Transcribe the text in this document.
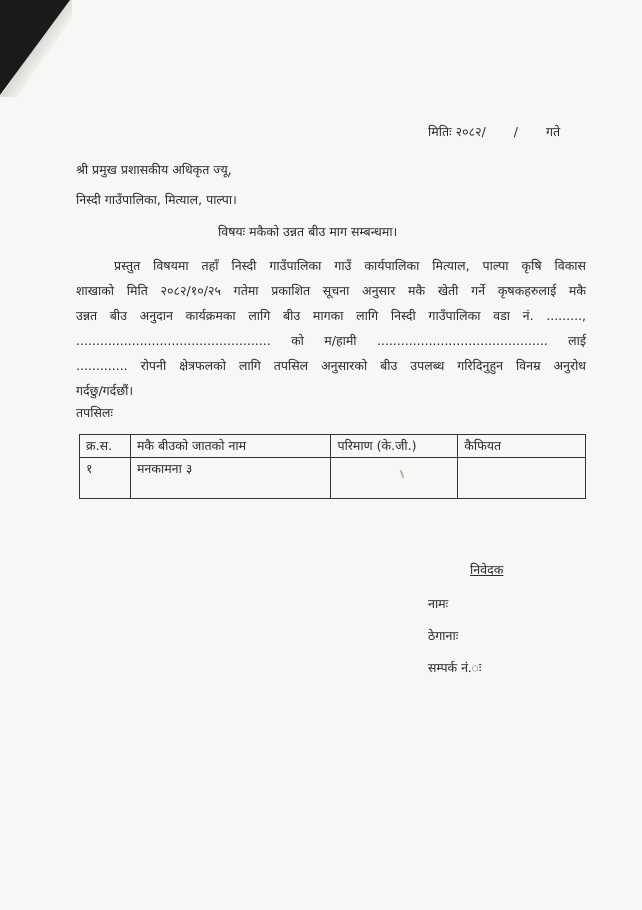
मितिः २०८२/ / गते
श्री प्रमुख प्रशासकीय अधिकृत ज्यू,
निस्दी गाउँपालिका, मित्याल, पाल्पा।
विषयः मकैको उन्नत बीउ माग सम्बन्धमा।

प्रस्तुत विषयमा तहाँ निस्दी गाउँपालिका गाउँ कार्यपालिका मित्याल, पाल्पा कृषि विकास

शाखाको मिति २०८२/१०/२५ गतेमा प्रकाशित सूचना अनुसार मकै खेती गर्ने कृषकहरुलाई मकै

उन्नत बीउ अनुदान कार्यक्रमका लागि बीउ मागका लागि निस्दी गाउँपालिका वडा नं. .........,

................................................. को म/हामी ........................................... लाई

............. रोपनी क्षेत्रफलको लागि तपसिल अनुसारको बीउ उपलब्ध गरिदिनुहुन विनम्र अनुरोध

गर्दछु/गर्दछौं।

तपसिलः
क्र.स.	मकै बीउको जातको नाम	परिमाण (के.जी.)	कैफियत
१	मनकामना ३		
निवेदक
नामः
ठेगानाः
सम्पर्क नं.ः
